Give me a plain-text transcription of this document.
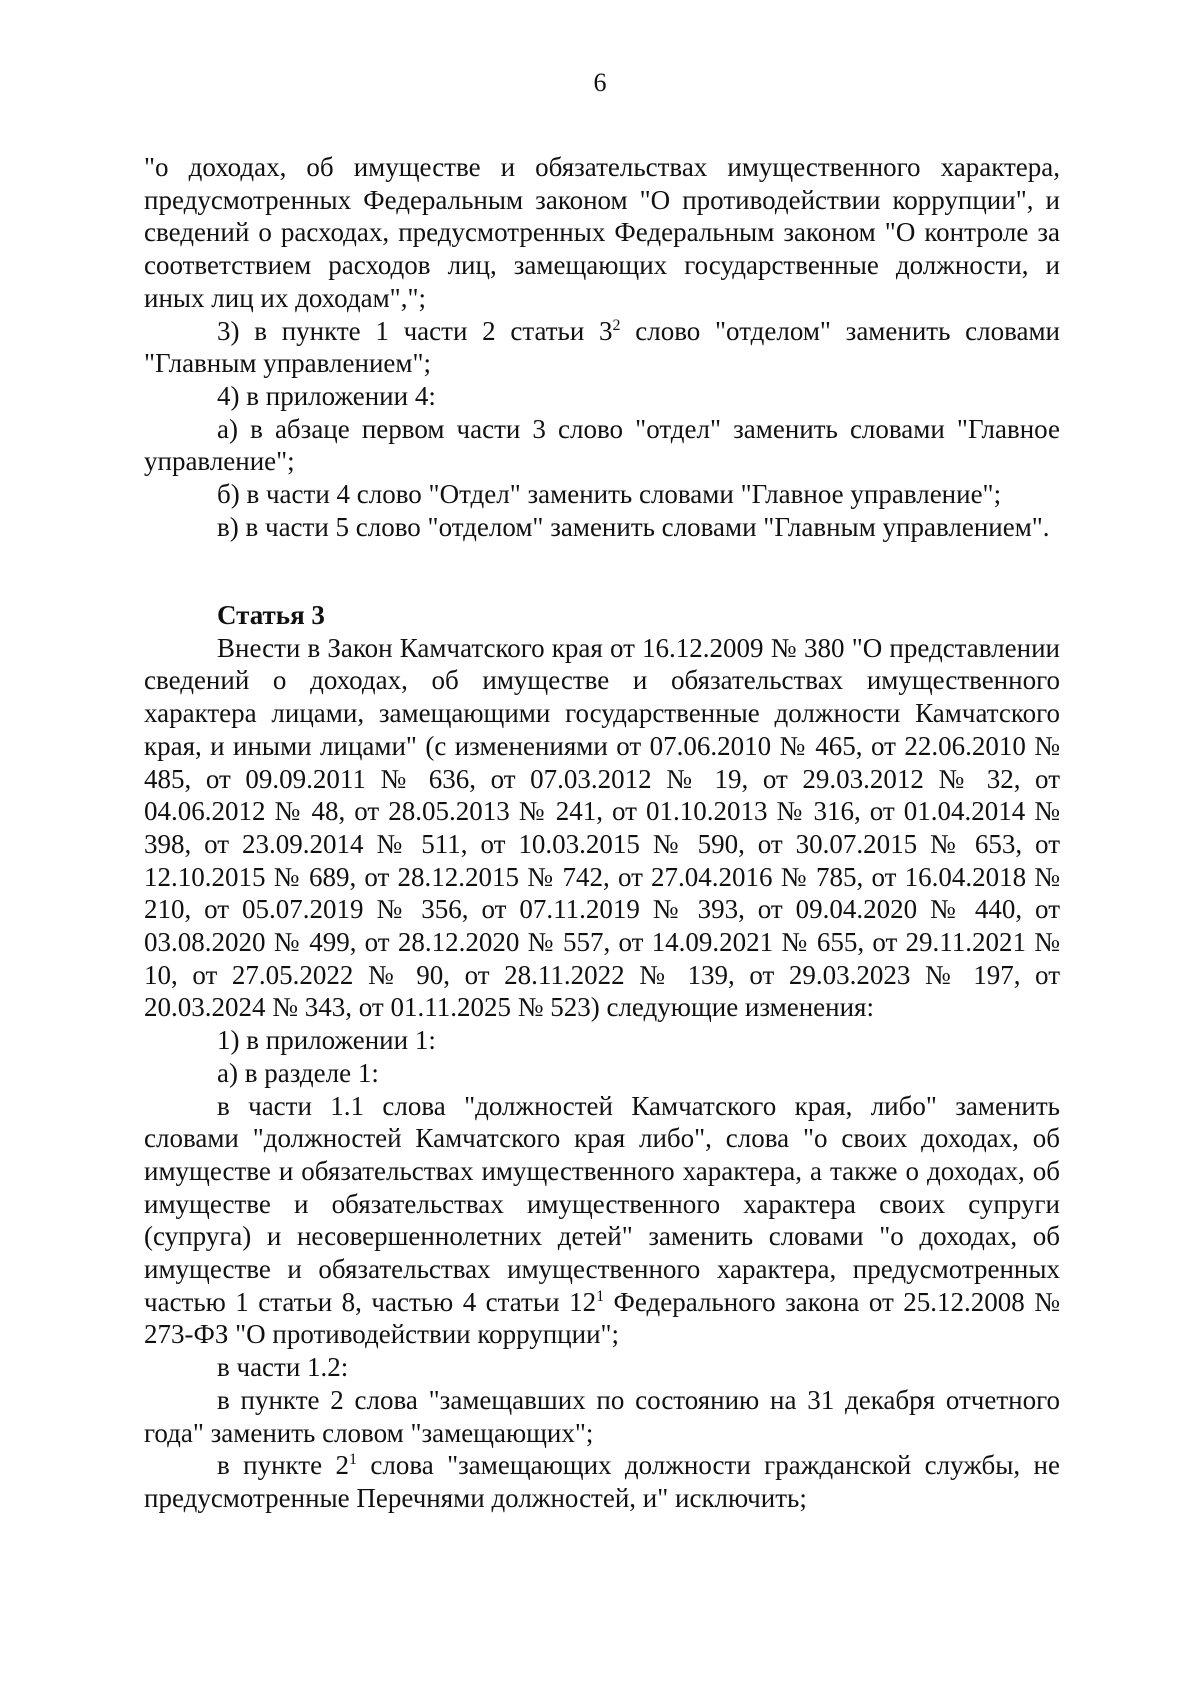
6

"о доходах, об имуществе и обязательствах имущественного характера, предусмотренных Федеральным законом "О противодействии коррупции", и сведений о расходах, предусмотренных Федеральным законом "О контроле за соответствием расходов лиц, замещающих государственные должности, и иных лиц их доходам",";

3) в пункте 1 части 2 статьи $3^2$ слово "отделом" заменить словами "Главным управлением";

4) в приложении 4:

а) в абзаце первом части 3 слово "отдел" заменить словами "Главное управление";

б) в части 4 слово "Отдел" заменить словами "Главное управление";

в) в части 5 слово "отделом" заменить словами "Главным управлением".

Статья 3

Внести в Закон Камчатского края от 16.12.2009 № 380 "О представлении сведений о доходах, об имуществе и обязательствах имущественного характера лицами, замещающими государственные должности Камчатского края, и иными лицами" (с изменениями от 07.06.2010 № 465, от 22.06.2010 № 485, от 09.09.2011 № 636, от 07.03.2012 № 19, от 29.03.2012 № 32, от 04.06.2012 № 48, от 28.05.2013 № 241, от 01.10.2013 № 316, от 01.04.2014 № 398, от 23.09.2014 № 511, от 10.03.2015 № 590, от 30.07.2015 № 653, от 12.10.2015 № 689, от 28.12.2015 № 742, от 27.04.2016 № 785, от 16.04.2018 № 210, от 05.07.2019 № 356, от 07.11.2019 № 393, от 09.04.2020 № 440, от 03.08.2020 № 499, от 28.12.2020 № 557, от 14.09.2021 № 655, от 29.11.2021 № 10, от 27.05.2022 № 90, от 28.11.2022 № 139, от 29.03.2023 № 197, от 20.03.2024 № 343, от 01.11.2025 № 523) следующие изменения:

1) в приложении 1:

а) в разделе 1:

в части 1.1 слова "должностей Камчатского края, либо" заменить словами "должностей Камчатского края либо", слова "о своих доходах, об имуществе и обязательствах имущественного характера, а также о доходах, об имуществе и обязательствах имущественного характера своих супруги (супруга) и несовершеннолетних детей" заменить словами "о доходах, об имуществе и обязательствах имущественного характера, предусмотренных частью 1 статьи 8, частью 4 статьи $12^1$ Федерального закона от 25.12.2008 № 273-ФЗ "О противодействии коррупции";

в части 1.2:

в пункте 2 слова "замещавших по состоянию на 31 декабря отчетного года" заменить словом "замещающих";

в пункте $2^1$ слова "замещающих должности гражданской службы, не предусмотренные Перечнями должностей, и" исключить;
